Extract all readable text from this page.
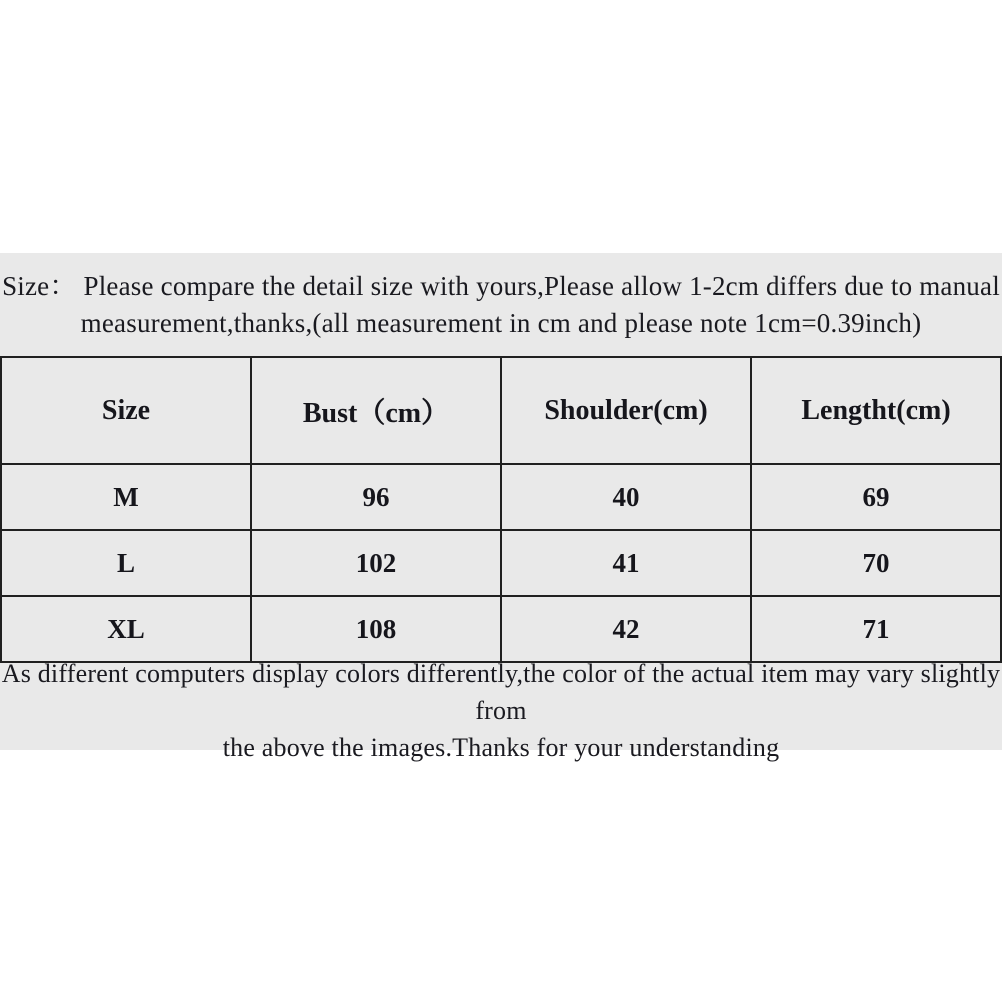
Size： Please compare the detail size with yours,Please allow 1-2cm differs due to manual
measurement,thanks,(all measurement in cm and please note 1cm=0.39inch)
Size	Bust（cm）	Shoulder(cm)	Lengtht(cm)
M	96	40	69
L	102	41	70
XL	108	42	71
As different computers display colors differently,the color of the actual item may vary slightly from
the above the images.Thanks for your understanding
